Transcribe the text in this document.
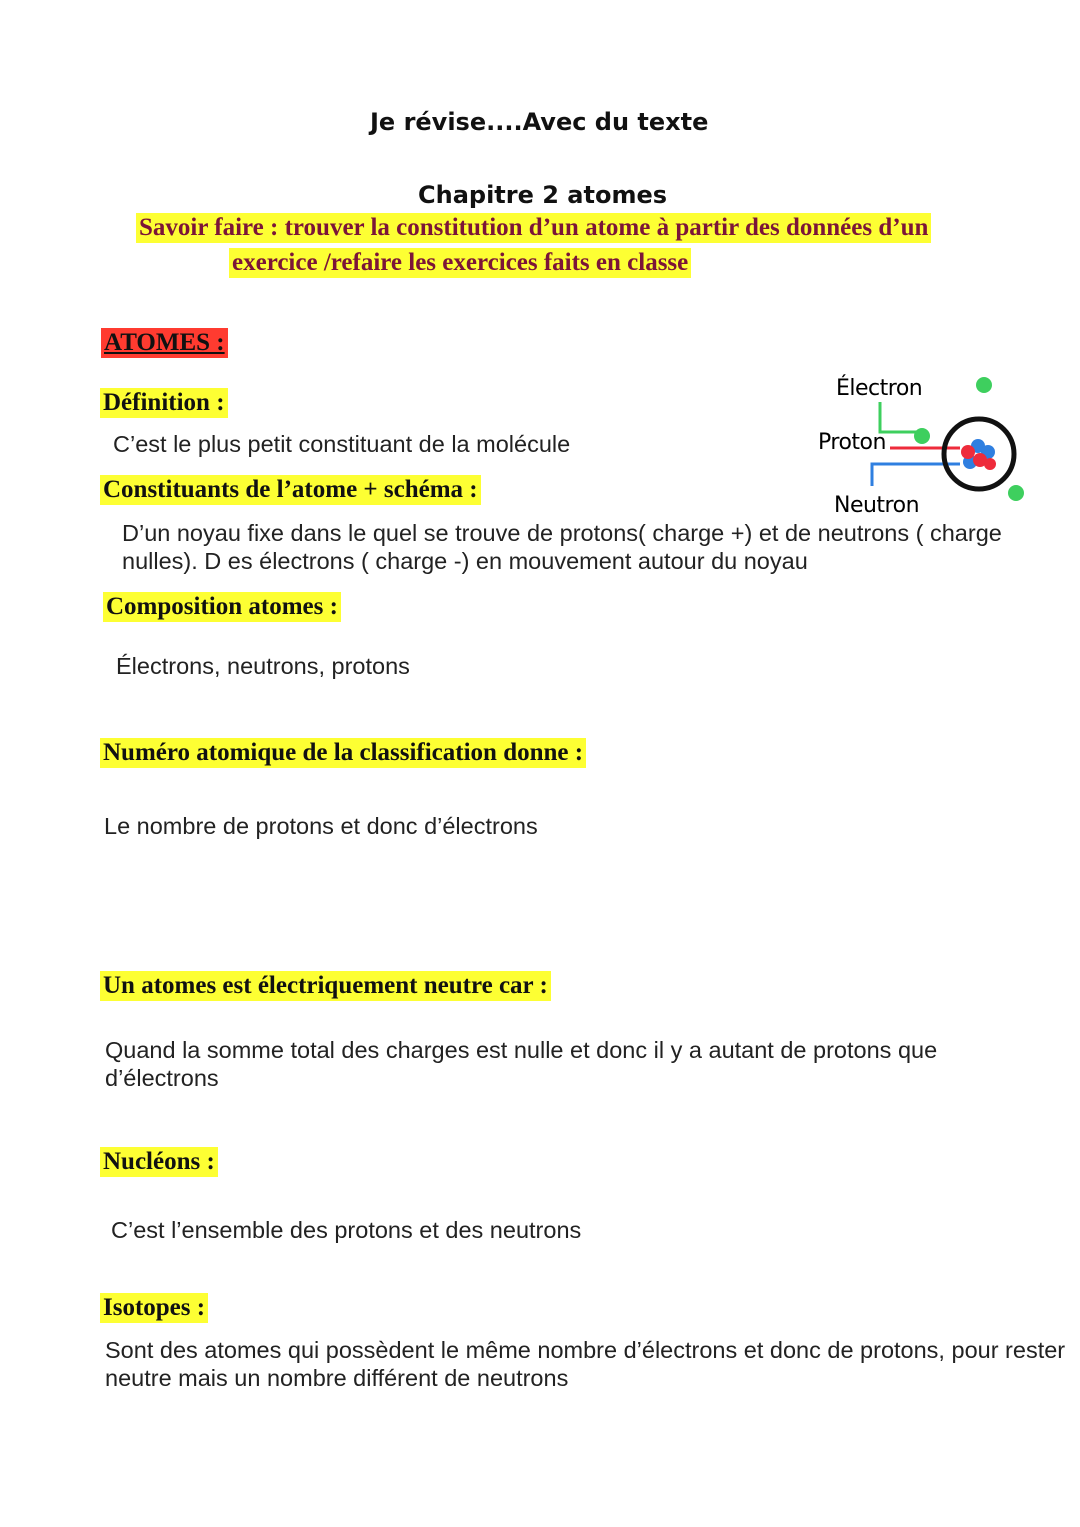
Je révise....Avec du texte
Chapitre 2 atomes
Savoir faire : trouver la constitution d’un atome à partir des données d’un
exercice /refaire les exercices faits en classe
ATOMES :
Définition :
C’est le plus petit constituant de la molécule
Constituants de l’atome + schéma :
D’un noyau fixe dans le quel se trouve de protons( charge +) et de neutrons ( charge nulles). D es électrons ( charge -) en mouvement autour du noyau
Électron
Proton
Neutron
Composition atomes :
Électrons, neutrons, protons
Numéro atomique de la classification donne :
Le nombre de protons et donc d’électrons
Un atomes est électriquement neutre car :
Quand la somme total des charges est nulle et donc il y a autant de protons que d’électrons
Nucléons :
C’est l’ensemble des protons et des neutrons
Isotopes :
Sont des atomes qui possèdent le même nombre d’électrons et donc de protons, pour rester neutre mais un nombre différent de neutrons
